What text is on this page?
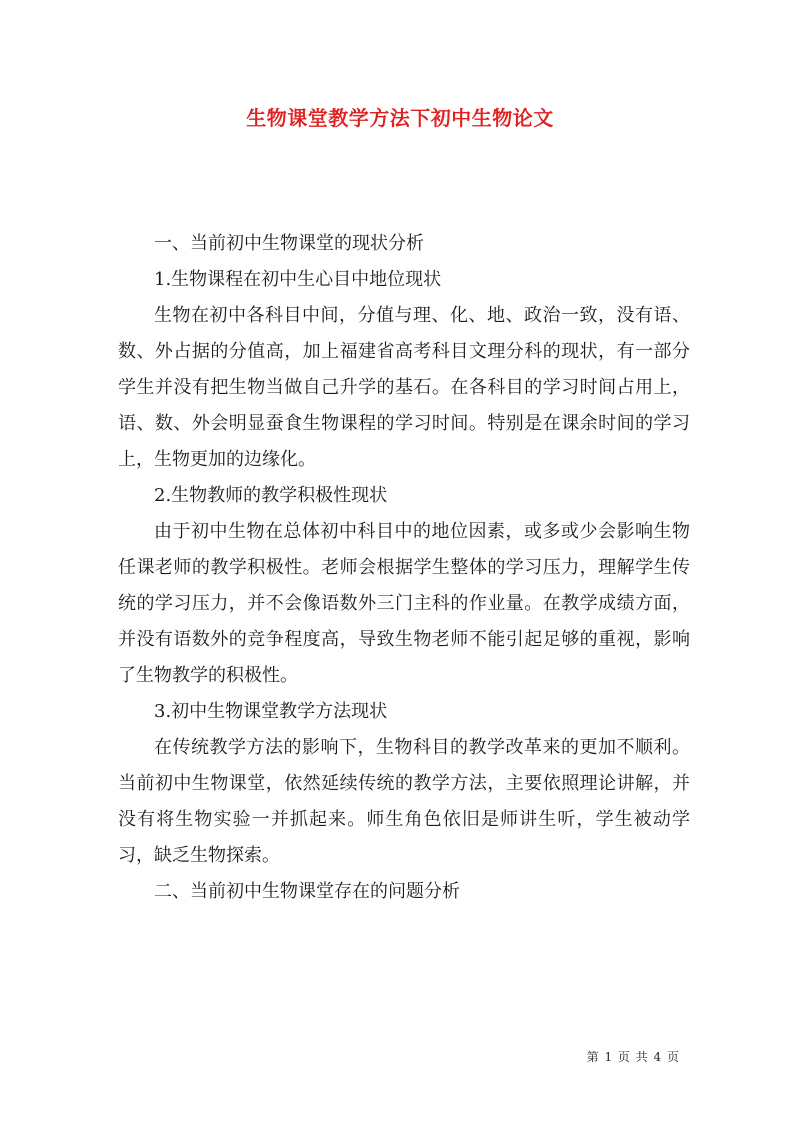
生物课堂教学方法下初中生物论文

一、当前初中生物课堂的现状分析

1.生物课程在初中生心目中地位现状

生物在初中各科目中间，分值与理、化、地、政治一致，没有语、数、外占据的分值高，加上福建省高考科目文理分科的现状，有一部分学生并没有把生物当做自己升学的基石。在各科目的学习时间占用上，语、数、外会明显蚕食生物课程的学习时间。特别是在课余时间的学习上，生物更加的边缘化。

2.生物教师的教学积极性现状

由于初中生物在总体初中科目中的地位因素，或多或少会影响生物任课老师的教学积极性。老师会根据学生整体的学习压力，理解学生传统的学习压力，并不会像语数外三门主科的作业量。在教学成绩方面，并没有语数外的竞争程度高，导致生物老师不能引起足够的重视，影响了生物教学的积极性。

3.初中生物课堂教学方法现状

在传统教学方法的影响下，生物科目的教学改革来的更加不顺利。当前初中生物课堂，依然延续传统的教学方法，主要依照理论讲解，并没有将生物实验一并抓起来。师生角色依旧是师讲生听，学生被动学习，缺乏生物探索。

二、当前初中生物课堂存在的问题分析

第 1 页 共 4 页
